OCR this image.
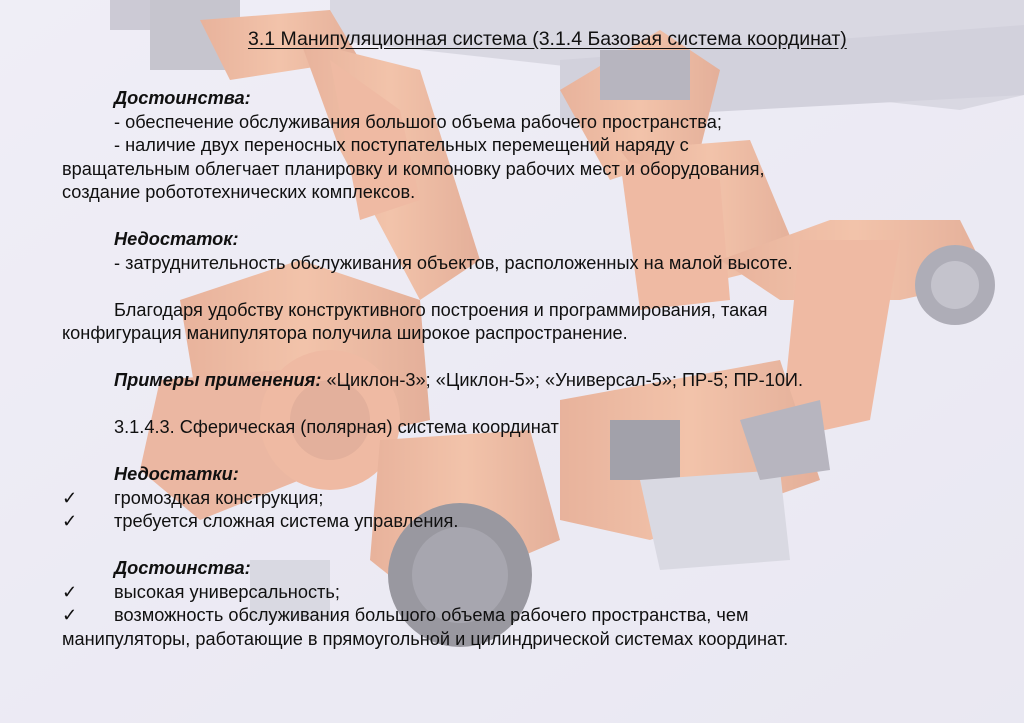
3.1 Манипуляционная система (3.1.4 Базовая система координат)

Достоинства:

- обеспечение обслуживания большого объема рабочего пространства;

- наличие двух переносных поступательных перемещений наряду с

вращательным облегчает планировку и компоновку рабочих мест и оборудования,

создание робототехнических комплексов.

Недостаток:

- затруднительность обслуживания объектов, расположенных на малой высоте.

Благодаря удобству конструктивного построения и программирования, такая

конфигурация манипулятора получила широкое распространение.

Примеры применения: «Циклон-3»; «Циклон-5»; «Универсал-5»; ПР-5; ПР-10И.

3.1.4.3. Сферическая (полярная) система координат

Недостатки:

✓ громоздкая конструкция;

✓ требуется сложная система управления.

Достоинства:

✓ высокая универсальность;

✓ возможность обслуживания большого объема рабочего пространства, чем

манипуляторы, работающие в прямоугольной и цилиндрической системах координат.
